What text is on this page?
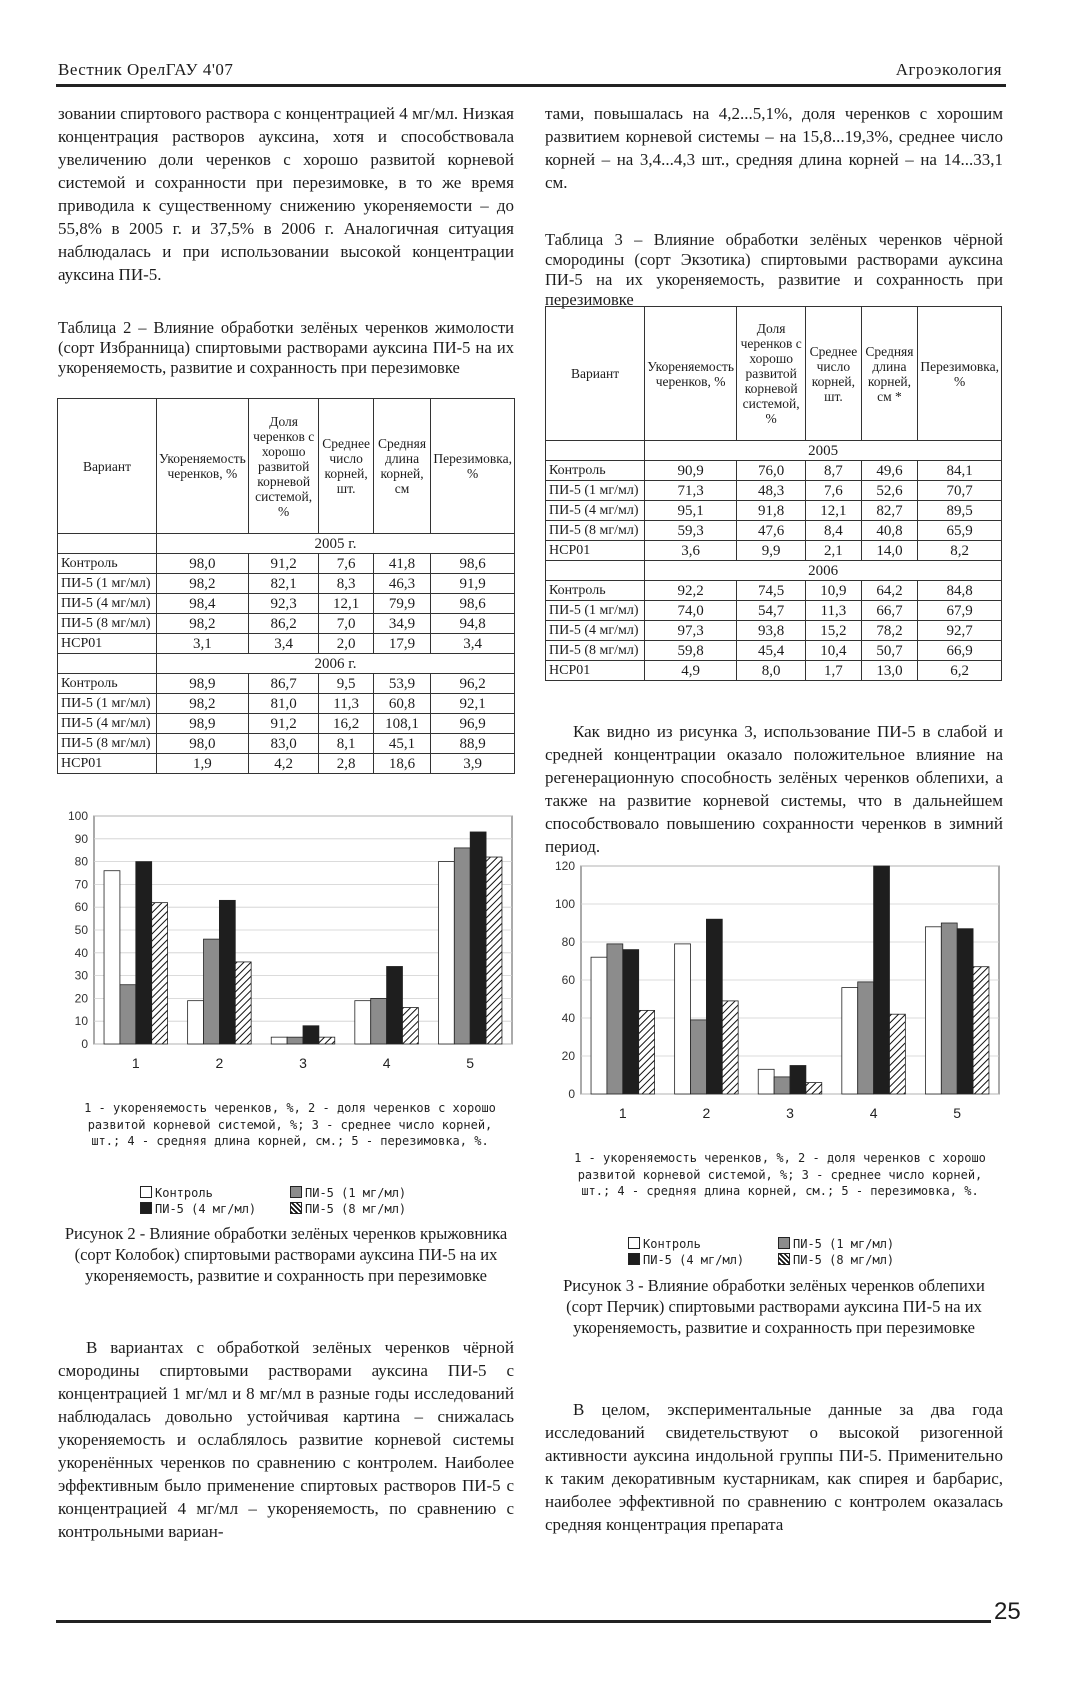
Вестник ОрелГАУ 4'07	Агроэкология

зовании спиртового раствора с концентрацией 4 мг/мл. Низкая концентрация растворов ауксина, хотя и способствовала увеличению доли черенков с хорошо развитой корневой системой и сохранности при перезимовке, в то же время приводила к существенному снижению укореняемости – до 55,8% в 2005 г. и 37,5% в 2006 г. Аналогичная ситуация наблюдалась и при использовании высокой концентрации ауксина ПИ-5.

Таблица 2 – Влияние обработки зелёных черенков жимолости (сорт Избранница) спиртовыми растворами ауксина ПИ-5 на их укореняемость, развитие и сохранность при перезимовке

Вариант	Укореняемость черенков, %	Доля черенков с хорошо развитой корневой системой, %	Среднее число корней, шт.	Средняя длина корней, см	Перезимовка, %
	2005 г.				
Контроль	98,0	91,2	7,6	41,8	98,6
ПИ-5 (1 мг/мл)	98,2	82,1	8,3	46,3	91,9
ПИ-5 (4 мг/мл)	98,4	92,3	12,1	79,9	98,6
ПИ-5 (8 мг/мл)	98,2	86,2	7,0	34,9	94,8
НСР01	3,1	3,4	2,0	17,9	3,4
	2006 г.				
Контроль	98,9	86,7	9,5	53,9	96,2
ПИ-5 (1 мг/мл)	98,2	81,0	11,3	60,8	92,1
ПИ-5 (4 мг/мл)	98,9	91,2	16,2	108,1	96,9
ПИ-5 (8 мг/мл)	98,0	83,0	8,1	45,1	88,9
НСР01	1,9	4,2	2,8	18,6	3,9
0
10
20
30
40
50
60
70
80
90
100
1	2	3	4	5
1 - укореняемость черенков, %, 2 - доля черенков с хорошо развитой корневой системой, %; 3 - среднее число корней, шт.; 4 - средняя длина корней, см.; 5 - перезимовка, %.
Контроль	ПИ-5 (1 мг/мл)
ПИ-5 (4 мг/мл)	ПИ-5 (8 мг/мл)
Рисунок 2 - Влияние обработки зелёных черенков крыжовника (сорт Колобок) спиртовыми растворами ауксина ПИ-5 на их укореняемость, развитие и сохранность при перезимовке

В вариантах с обработкой зелёных черенков чёрной смородины спиртовыми растворами ауксина ПИ-5 с концентрацией 1 мг/мл и 8 мг/мл в разные годы исследований наблюдалась довольно устойчивая картина – снижалась укореняемость и ослаблялось развитие корневой системы укоренённых черенков по сравнению с контролем. Наиболее эффективным было применение спиртовых растворов ПИ-5 с концентрацией 4 мг/мл – укореняемость, по сравнению с контрольными вариан-

тами, повышалась на 4,2...5,1%, доля черенков с хорошим развитием корневой системы – на 15,8...19,3%, среднее число корней – на 3,4...4,3 шт., средняя длина корней – на 14...33,1 см.

Таблица 3 – Влияние обработки зелёных черенков чёрной смородины (сорт Экзотика) спиртовыми растворами ауксина ПИ-5 на их укореняемость, развитие и сохранность при перезимовке

Вариант	Укореняемость черенков, %	Доля черенков с хорошо развитой корневой системой, %	Среднее число корней, шт.	Средняя длина корней, см *	Перезимовка, %
	2005				
Контроль	90,9	76,0	8,7	49,6	84,1
ПИ-5 (1 мг/мл)	71,3	48,3	7,6	52,6	70,7
ПИ-5 (4 мг/мл)	95,1	91,8	12,1	82,7	89,5
ПИ-5 (8 мг/мл)	59,3	47,6	8,4	40,8	65,9
НСР01	3,6	9,9	2,1	14,0	8,2
	2006				
Контроль	92,2	74,5	10,9	64,2	84,8
ПИ-5 (1 мг/мл)	74,0	54,7	11,3	66,7	67,9
ПИ-5 (4 мг/мл)	97,3	93,8	15,2	78,2	92,7
ПИ-5 (8 мг/мл)	59,8	45,4	10,4	50,7	66,9
НСР01	4,9	8,0	1,7	13,0	6,2

Как видно из рисунка 3, использование ПИ-5 в слабой и средней концентрации оказало положительное влияние на регенерационную способность зелёных черенков облепихи, а также на развитие корневой системы, что в дальнейшем способствовало повышению сохранности черенков в зимний период.

0
20
40
60
80
100
120
1	2	3	4	5
1 - укореняемость черенков, %, 2 - доля черенков с хорошо развитой корневой системой, %; 3 - среднее число корней, шт.; 4 - средняя длина корней, см.; 5 - перезимовка, %.
Контроль	ПИ-5 (1 мг/мл)
ПИ-5 (4 мг/мл)	ПИ-5 (8 мг/мл)
Рисунок 3 - Влияние обработки зелёных черенков облепихи (сорт Перчик) спиртовыми растворами ауксина ПИ-5 на их укореняемость, развитие и сохранность при перезимовке

В целом, экспериментальные данные за два года исследований свидетельствуют о высокой ризогенной активности ауксина индольной группы ПИ-5. Применительно к таким декоративным кустарникам, как спирея и барбарис, наиболее эффективной по сравнению с контролем оказалась средняя концентрация препарата

25
